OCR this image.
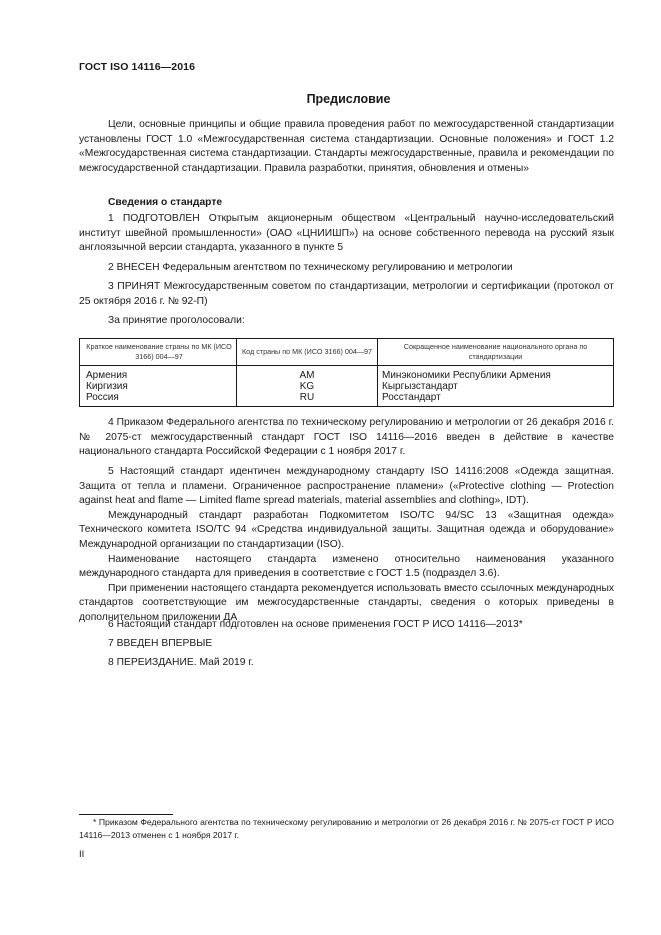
ГОСТ ISO 14116—2016
Предисловие

Цели, основные принципы и общие правила проведения работ по межгосударственной стандартизации установлены ГОСТ 1.0 «Межгосударственная система стандартизации. Основные положения» и ГОСТ 1.2 «Межгосударственная система стандартизации. Стандарты межгосударственные, правила и рекомендации по межгосударственной стандартизации. Правила разработки, принятия, обновления и отмены»

Сведения о стандарте

1 ПОДГОТОВЛЕН Открытым акционерным обществом «Центральный научно-исследовательский институт швейной промышленности» (ОАО «ЦНИИШП») на основе собственного перевода на русский язык англоязычной версии стандарта, указанного в пункте 5

2 ВНЕСЕН Федеральным агентством по техническому регулированию и метрологии

3 ПРИНЯТ Межгосударственным советом по стандартизации, метрологии и сертификации (протокол от 25 октября 2016 г. № 92-П)

За принятие проголосовали:

Краткое наименование страны по МК (ИСО 3166) 004—97	Код страны по МК (ИСО 3166) 004—97	Сокращенное наименование национального органа по стандартизации
Армения	AM	Минэкономики Республики Армения
Киргизия	KG	Кыргызстандарт
Россия	RU	Росстандарт

4 Приказом Федерального агентства по техническому регулированию и метрологии от 26 декабря 2016 г. № 2075-ст межгосударственный стандарт ГОСТ ISO 14116—2016 введен в действие в качестве национального стандарта Российской Федерации с 1 ноября 2017 г.

5 Настоящий стандарт идентичен международному стандарту ISO 14116:2008 «Одежда защитная. Защита от тепла и пламени. Ограниченное распространение пламени» («Protective clothing — Protection against heat and flame — Limited flame spread materials, material assemblies and clothing», IDT).

Международный стандарт разработан Подкомитетом ISO/TC 94/SC 13 «Защитная одежда» Технического комитета ISO/TC 94 «Средства индивидуальной защиты. Защитная одежда и оборудование» Международной организации по стандартизации (ISO).

Наименование настоящего стандарта изменено относительно наименования указанного международного стандарта для приведения в соответствие с ГОСТ 1.5 (подраздел 3.6).

При применении настоящего стандарта рекомендуется использовать вместо ссылочных международных стандартов соответствующие им межгосударственные стандарты, сведения о которых приведены в дополнительном приложении ДА

6 Настоящий стандарт подготовлен на основе применения ГОСТ Р ИСО 14116—2013*

7 ВВЕДЕН ВПЕРВЫЕ

8 ПЕРЕИЗДАНИЕ. Май 2019 г.

* Приказом Федерального агентства по техническому регулированию и метрологии от 26 декабря 2016 г. № 2075-ст ГОСТ Р ИСО 14116—2013 отменен с 1 ноября 2017 г.
II
